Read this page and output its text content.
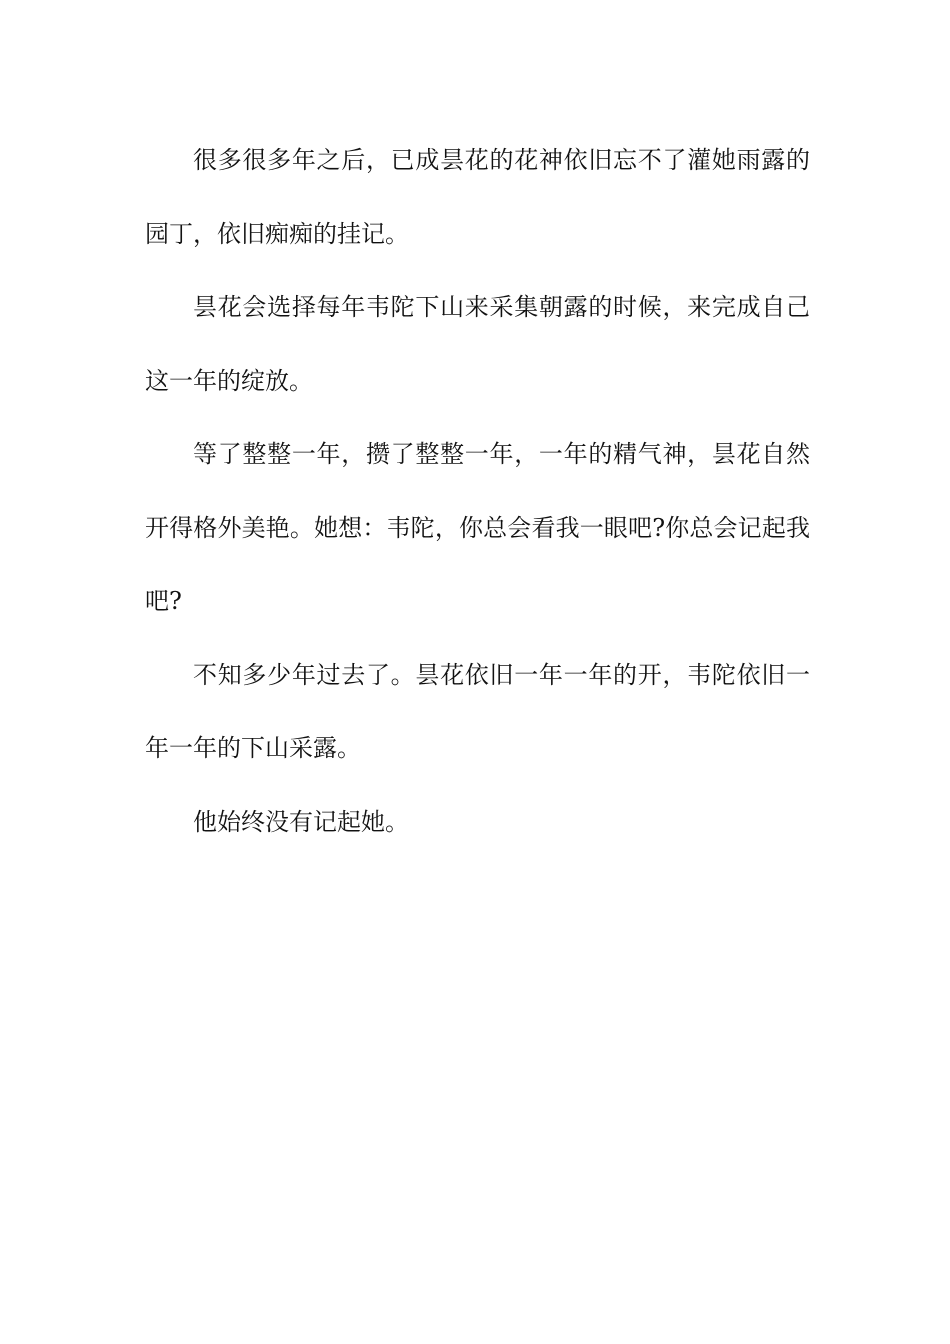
很多很多年之后，已成昙花的花神依旧忘不了灌她雨露的园丁，依旧痴痴的挂记。

昙花会选择每年韦陀下山来采集朝露的时候，来完成自己这一年的绽放。

等了整整一年，攒了整整一年，一年的精气神，昙花自然开得格外美艳。她想：韦陀，你总会看我一眼吧?你总会记起我吧?

不知多少年过去了。昙花依旧一年一年的开，韦陀依旧一年一年的下山采露。

他始终没有记起她。
